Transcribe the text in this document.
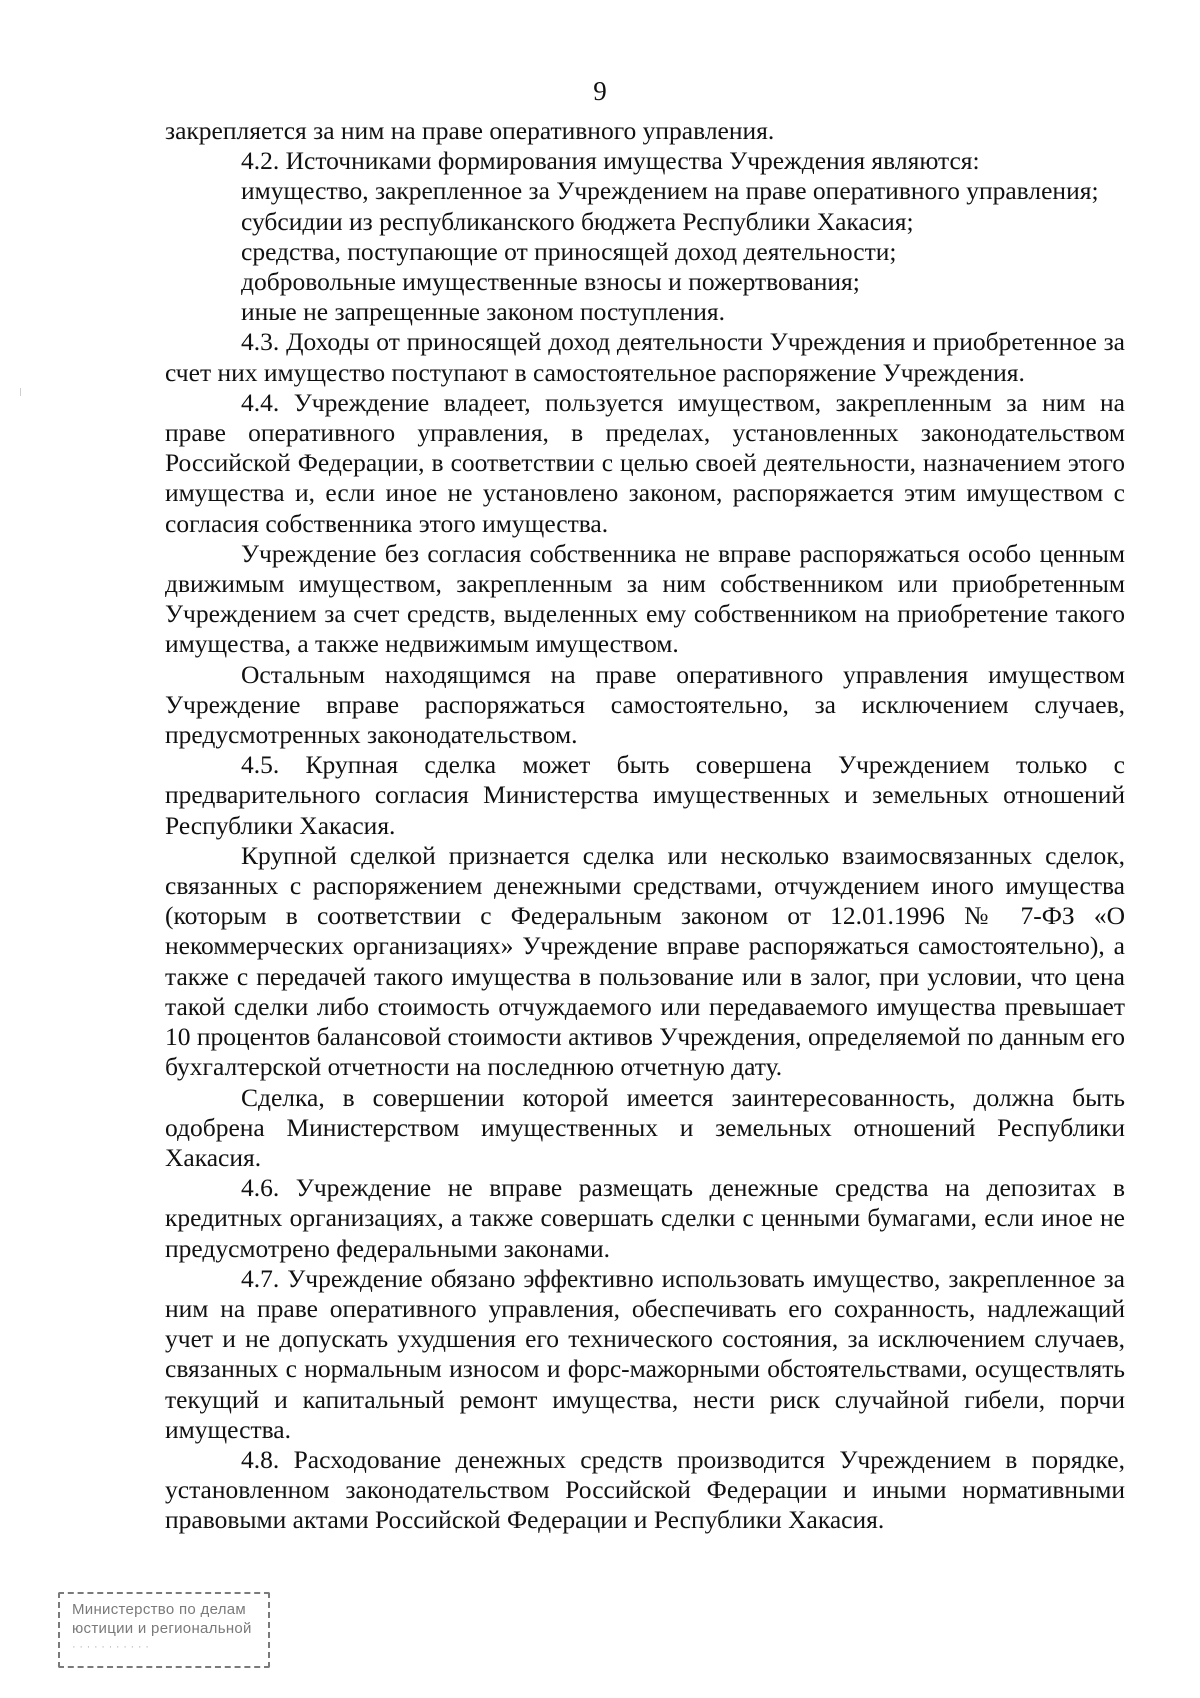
9

закрепляется за ним на праве оперативного управления.

4.2. Источниками формирования имущества Учреждения являются:

имущество, закрепленное за Учреждением на праве оперативного управления;

субсидии из республиканского бюджета Республики Хакасия;

средства, поступающие от приносящей доход деятельности;

добровольные имущественные взносы и пожертвования;

иные не запрещенные законом поступления.

4.3. Доходы от приносящей доход деятельности Учреждения и приобретенное за счет них имущество поступают в самостоятельное распоряжение Учреждения.

4.4. Учреждение владеет, пользуется имуществом, закрепленным за ним на праве оперативного управления, в пределах, установленных законодательством Российской Федерации, в соответствии с целью своей деятельности, назначением этого имущества и, если иное не установлено законом, распоряжается этим имуществом с согласия собственника этого имущества.

Учреждение без согласия собственника не вправе распоряжаться особо ценным движимым имуществом, закрепленным за ним собственником или приобретенным Учреждением за счет средств, выделенных ему собственником на приобретение такого имущества, а также недвижимым имуществом.

Остальным находящимся на праве оперативного управления имуществом Учреждение вправе распоряжаться самостоятельно, за исключением случаев, предусмотренных законодательством.

4.5. Крупная сделка может быть совершена Учреждением только с предварительного согласия Министерства имущественных и земельных отношений Республики Хакасия.

Крупной сделкой признается сделка или несколько взаимосвязанных сделок, связанных с распоряжением денежными средствами, отчуждением иного имущества (которым в соответствии с Федеральным законом от 12.01.1996 № 7-ФЗ «О некоммерческих организациях» Учреждение вправе распоряжаться самостоятельно), а также с передачей такого имущества в пользование или в залог, при условии, что цена такой сделки либо стоимость отчуждаемого или передаваемого имущества превышает 10 процентов балансовой стоимости активов Учреждения, определяемой по данным его бухгалтерской отчетности на последнюю отчетную дату.

Сделка, в совершении которой имеется заинтересованность, должна быть одобрена Министерством имущественных и земельных отношений Республики Хакасия.

4.6. Учреждение не вправе размещать денежные средства на депозитах в кредитных организациях, а также совершать сделки с ценными бумагами, если иное не предусмотрено федеральными законами.

4.7. Учреждение обязано эффективно использовать имущество, закрепленное за ним на праве оперативного управления, обеспечивать его сохранность, надлежащий учет и не допускать ухудшения его технического состояния, за исключением случаев, связанных с нормальным износом и форс-мажорными обстоятельствами, осуществлять текущий и капитальный ремонт имущества, нести риск случайной гибели, порчи имущества.

4.8. Расходование денежных средств производится Учреждением в порядке, установленном законодательством Российской Федерации и иными нормативными правовыми актами Российской Федерации и Республики Хакасия.

Министерство по делам
юстиции и региональной
· · · · · · · · · · ·
